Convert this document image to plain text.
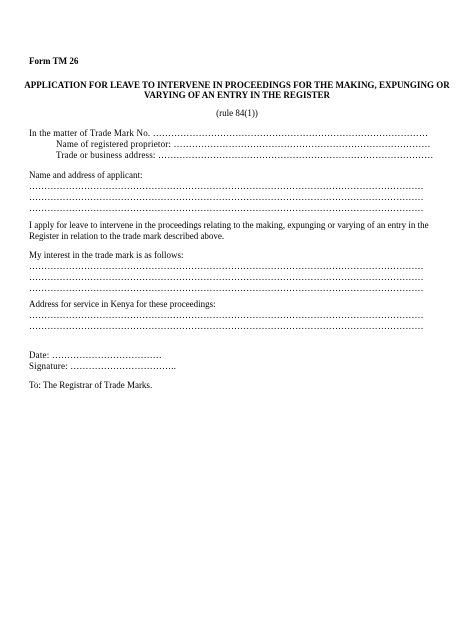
Form TM 26
APPLICATION FOR LEAVE TO INTERVENE IN PROCEEDINGS FOR THE MAKING, EXPUNGING OR
VARYING OF AN ENTRY IN THE REGISTER
(rule 84(1))
In the matter of Trade Mark No. ………………………………………………………………………………
Name of registered proprietor: …………………………………………………………………………
Trade or business address: ………………………………………………………………………………
Name and address of applicant:
…………………………………………………………………………………………………………………
…………………………………………………………………………………………………………………
…………………………………………………………………………………………………………………
I apply for leave to intervene in the proceedings relating to the making, expunging or varying of an entry in the Register in relation to the trade mark described above.
My interest in the trade mark is as follows:
…………………………………………………………………………………………………………………
…………………………………………………………………………………………………………………
…………………………………………………………………………………………………………………
Address for service in Kenya for these proceedings:
…………………………………………………………………………………………………………………
…………………………………………………………………………………………………………………
Date: ………………………………
Signature: ……………………………..
To: The Registrar of Trade Marks.
